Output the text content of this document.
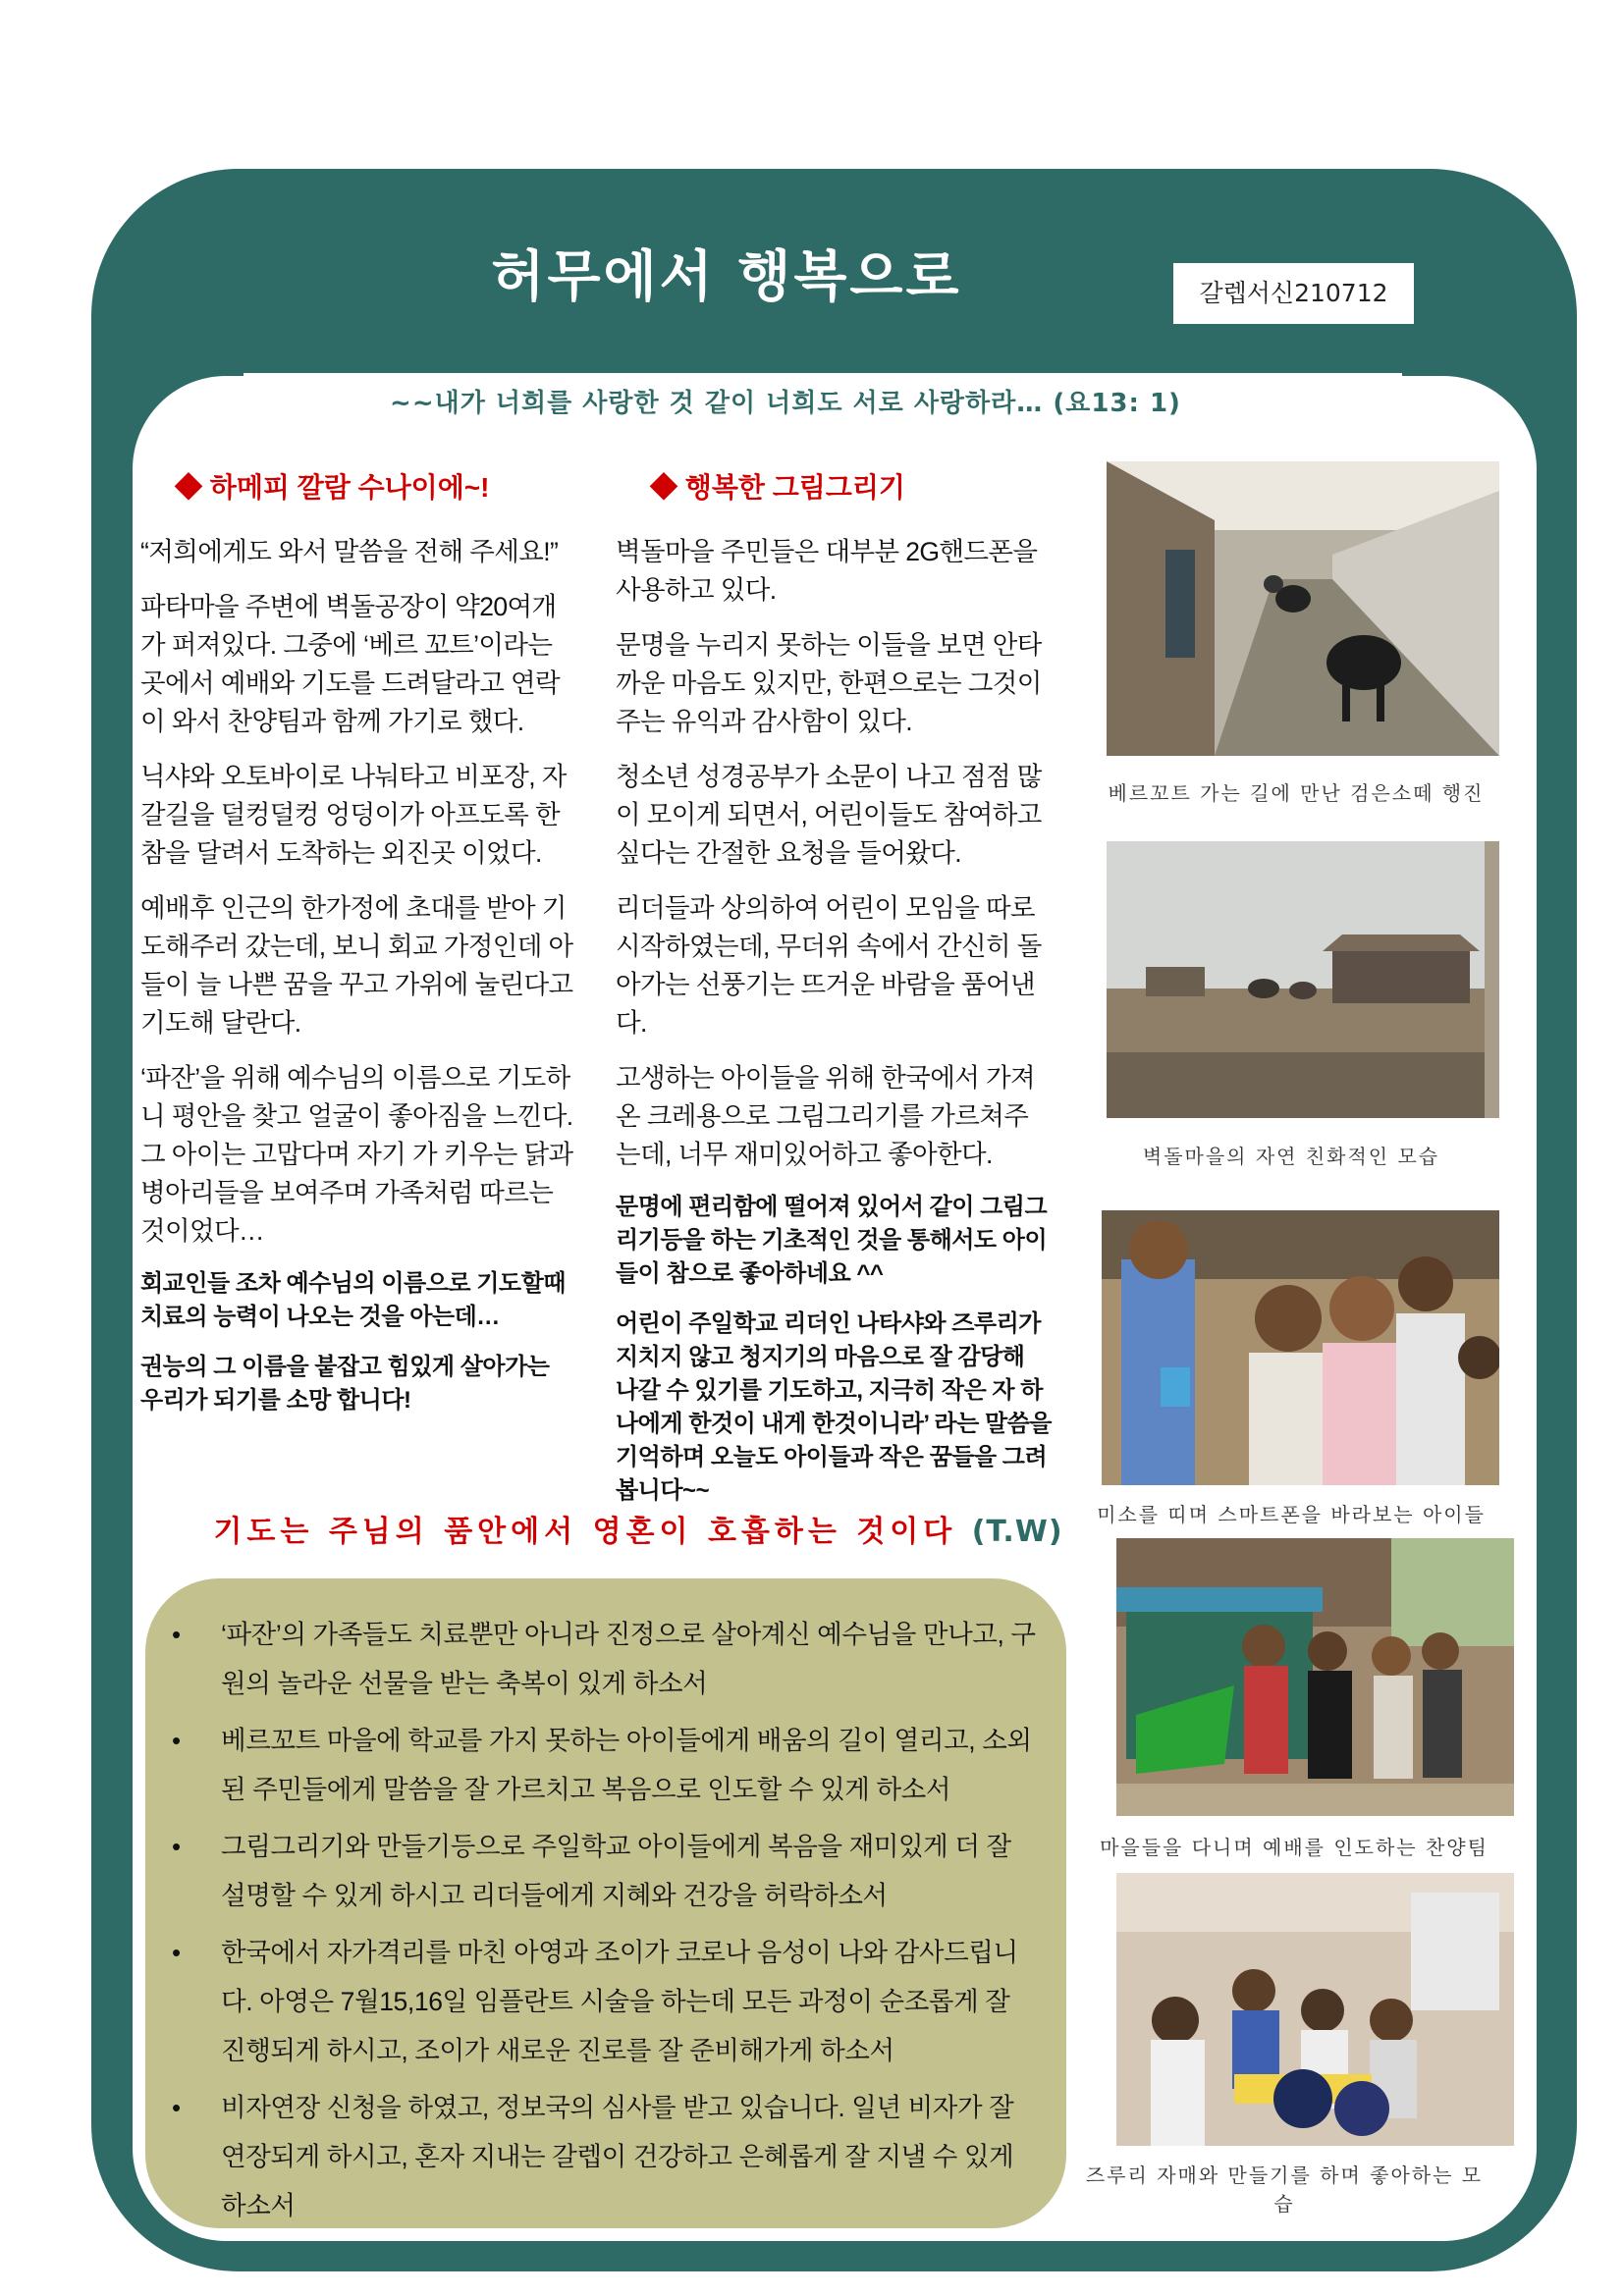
허무에서 행복으로	갈렙서신210712
~~내가 너희를 사랑한 것 같이 너희도 서로 사랑하라… (요13: 1)
◆ 하메피 깔람 수나이에~!

“저희에게도 와서 말씀을 전해 주세요!”

파타마을 주변에 벽돌공장이 약20여개가 퍼져있다. 그중에 ‘베르 꼬트’이라는 곳에서 예배와 기도를 드려달라고 연락이 와서 찬양팀과 함께 가기로 했다.

닉샤와 오토바이로 나눠타고 비포장, 자갈길을 덜컹덜컹 엉덩이가 아프도록 한참을 달려서 도착하는 외진곳 이었다.

예배후 인근의 한가정에 초대를 받아 기도해주러 갔는데, 보니 회교 가정인데 아들이 늘 나쁜 꿈을 꾸고 가위에 눌린다고 기도해 달란다.

‘파잔’을 위해 예수님의 이름으로 기도하니 평안을 찾고 얼굴이 좋아짐을 느낀다. 그 아이는 고맙다며 자기 가 키우는 닭과 병아리들을 보여주며 가족처럼 따르는 것이었다…

회교인들 조차 예수님의 이름으로 기도할때 치료의 능력이 나오는 것을 아는데…

권능의 그 이름을 붙잡고 힘있게 살아가는 우리가 되기를 소망 합니다!

◆ 행복한 그림그리기

벽돌마을 주민들은 대부분 2G핸드폰을 사용하고 있다.

문명을 누리지 못하는 이들을 보면 안타까운 마음도 있지만, 한편으로는 그것이 주는 유익과 감사함이 있다.

청소년 성경공부가 소문이 나고 점점 많이 모이게 되면서, 어린이들도 참여하고 싶다는 간절한 요청을 들어왔다.

리더들과 상의하여 어린이 모임을 따로 시작하였는데, 무더위 속에서 간신히 돌아가는 선풍기는 뜨거운 바람을 품어낸다.

고생하는 아이들을 위해 한국에서 가져온 크레용으로 그림그리기를 가르쳐주는데, 너무 재미있어하고 좋아한다.

문명에 편리함에 떨어져 있어서 같이 그림그리기등을 하는 기초적인 것을 통해서도 아이들이 참으로 좋아하네요 ^^

어린이 주일학교 리더인 나타샤와 즈루리가 지치지 않고 청지기의 마음으로 잘 감당해 나갈 수 있기를 기도하고, 지극히 작은 자 하나에게 한것이 내게 한것이니라’ 라는 말씀을 기억하며 오늘도 아이들과 작은 꿈들을 그려 봅니다~~

베르꼬트 가는 길에 만난 검은소떼 행진
벽돌마을의 자연 친화적인 모습
미소를 띠며 스마트폰을 바라보는 아이들
마을들을 다니며 예배를 인도하는 찬양팀
즈루리 자매와 만들기를 하며 좋아하는 모습
기도는 주님의 품안에서 영혼이 호흡하는 것이다 (T.W)
• ‘파잔’의 가족들도 치료뿐만 아니라 진정으로 살아계신 예수님을 만나고, 구원의 놀라운 선물을 받는 축복이 있게 하소서
• 베르꼬트 마을에 학교를 가지 못하는 아이들에게 배움의 길이 열리고, 소외된 주민들에게 말씀을 잘 가르치고 복음으로 인도할 수 있게 하소서
• 그림그리기와 만들기등으로 주일학교 아이들에게 복음을 재미있게 더 잘 설명할 수 있게 하시고 리더들에게 지혜와 건강을 허락하소서
• 한국에서 자가격리를 마친 아영과 조이가 코로나 음성이 나와 감사드립니다. 아영은 7월15,16일 임플란트 시술을 하는데 모든 과정이 순조롭게 잘 진행되게 하시고, 조이가 새로운 진로를 잘 준비해가게 하소서
• 비자연장 신청을 하였고, 정보국의 심사를 받고 있습니다. 일년 비자가 잘 연장되게 하시고, 혼자 지내는 갈렙이 건강하고 은혜롭게 잘 지낼 수 있게 하소서
